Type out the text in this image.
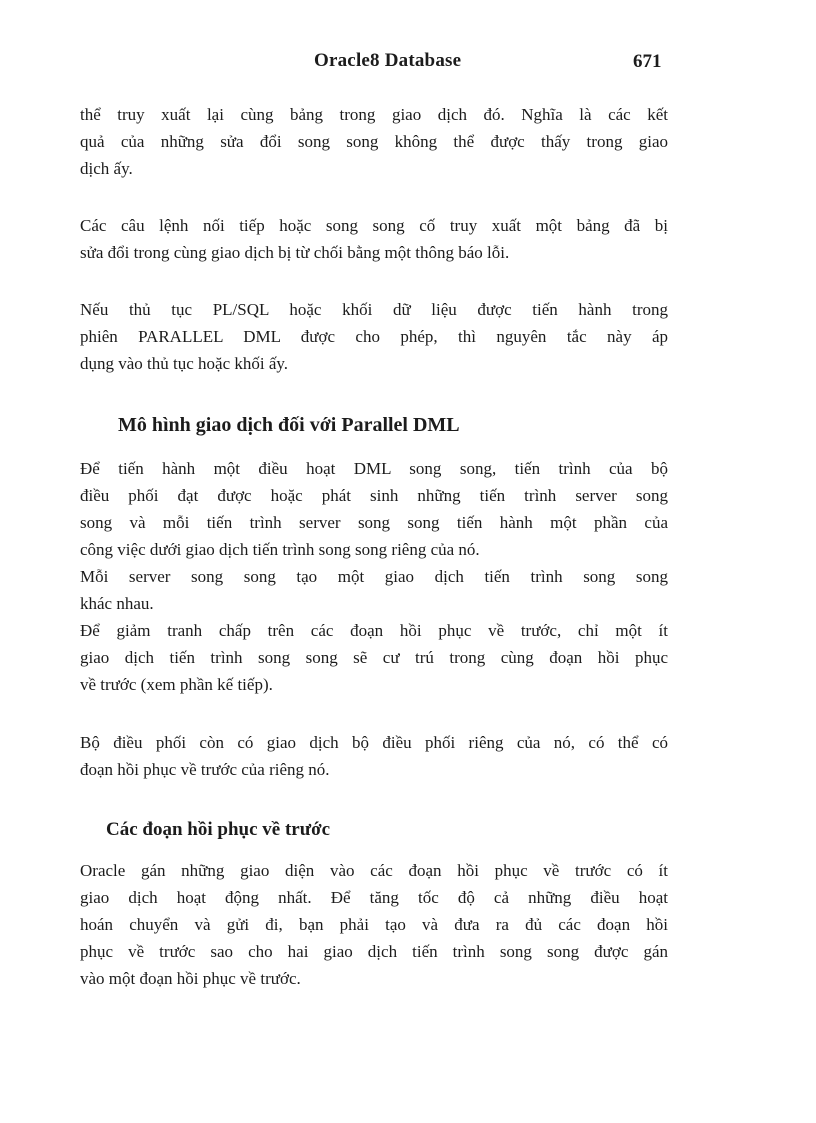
Oracle8 Database	671

thể truy xuất lại cùng bảng trong giao dịch đó. Nghĩa là các kết
quả của những sửa đổi song song không thể được thấy trong giao
dịch ấy.

Các câu lệnh nối tiếp hoặc song song cố truy xuất một bảng đã bị
sửa đổi trong cùng giao dịch bị từ chối bằng một thông báo lỗi.

Nếu thủ tục PL/SQL hoặc khối dữ liệu được tiến hành trong
phiên PARALLEL DML được cho phép, thì nguyên tắc này áp
dụng vào thủ tục hoặc khối ấy.

Mô hình giao dịch đối với Parallel DML

Để tiến hành một điều hoạt DML song song, tiến trình của bộ
điều phối đạt được hoặc phát sinh những tiến trình server song
song và mỗi tiến trình server song song tiến hành một phần của
công việc dưới giao dịch tiến trình song song riêng của nó.
Mỗi server song song tạo một giao dịch tiến trình song song
khác nhau.
Để giảm tranh chấp trên các đoạn hồi phục về trước, chỉ một ít
giao dịch tiến trình song song sẽ cư trú trong cùng đoạn hồi phục
về trước (xem phần kế tiếp).

Bộ điều phối còn có giao dịch bộ điều phối riêng của nó, có thể có
đoạn hồi phục về trước của riêng nó.

Các đoạn hồi phục về trước

Oracle gán những giao diện vào các đoạn hồi phục về trước có ít
giao dịch hoạt động nhất. Để tăng tốc độ cả những điều hoạt
hoán chuyển và gửi đi, bạn phải tạo và đưa ra đủ các đoạn hồi
phục về trước sao cho hai giao dịch tiến trình song song được gán
vào một đoạn hồi phục về trước.
